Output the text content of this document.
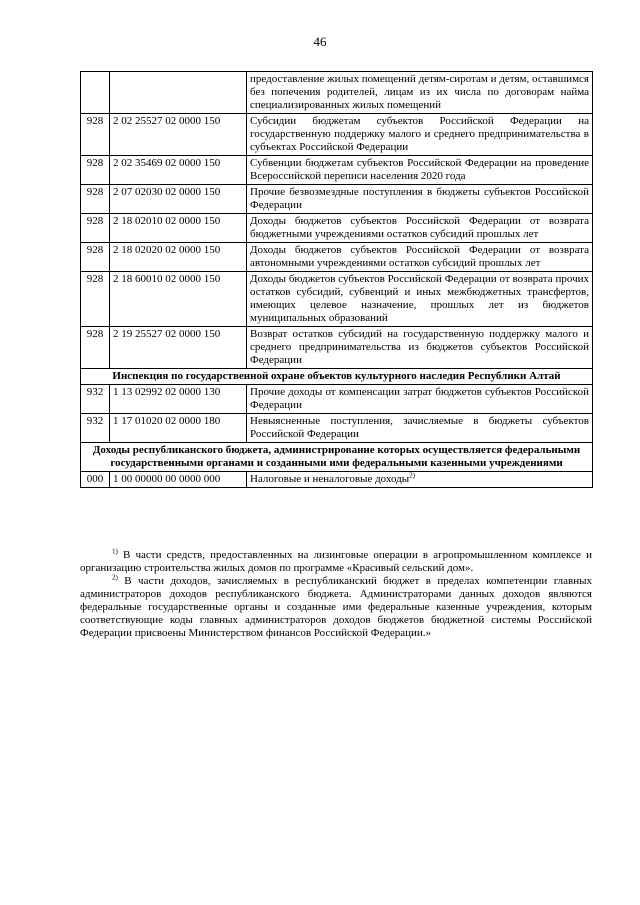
46
		предоставление жилых помещений детям-сиротам и детям, оставшимся без попечения родителей, лицам из их числа по договорам найма специализированных жилых помещений
928	2 02 25527 02 0000 150	Субсидии бюджетам субъектов Российской Федерации на государственную поддержку малого и среднего предпринимательства в субъектах Российской Федерации
928	2 02 35469 02 0000 150	Субвенции бюджетам субъектов Российской Федерации на проведение Всероссийской переписи населения 2020 года
928	2 07 02030 02 0000 150	Прочие безвозмездные поступления в бюджеты субъектов Российской Федерации
928	2 18 02010 02 0000 150	Доходы бюджетов субъектов Российской Федерации от возврата бюджетными учреждениями остатков субсидий прошлых лет
928	2 18 02020 02 0000 150	Доходы бюджетов субъектов Российской Федерации от возврата автономными учреждениями остатков субсидий прошлых лет
928	2 18 60010 02 0000 150	Доходы бюджетов субъектов Российской Федерации от возврата прочих остатков субсидий, субвенций и иных межбюджетных трансфертов, имеющих целевое назначение, прошлых лет из бюджетов муниципальных образований
928	2 19 25527 02 0000 150	Возврат остатков субсидий на государственную поддержку малого и среднего предпринимательства из бюджетов субъектов Российской Федерации
Инспекция по государственной охране объектов культурного наследия Республики Алтай		
932	1 13 02992 02 0000 130	Прочие доходы от компенсации затрат бюджетов субъектов Российской Федерации
932	1 17 01020 02 0000 180	Невыясненные поступления, зачисляемые в бюджеты субъектов Российской Федерации
Доходы республиканского бюджета, администрирование которых осуществляется федеральными государственными органами и созданными ими федеральными казенными учреждениями		
000	1 00 00000 00 0000 000	Налоговые и неналоговые доходы$^{2)}$

$^{1)}$ В части средств, предоставленных на лизинговые операции в агропромышленном комплексе и организацию строительства жилых домов по программе «Красивый сельский дом».

$^{2)}$ В части доходов, зачисляемых в республиканский бюджет в пределах компетенции главных администраторов доходов республиканского бюджета. Администраторами данных доходов являются федеральные государственные органы и созданные ими федеральные казенные учреждения, которым соответствующие коды главных администраторов доходов бюджетов бюджетной системы Российской Федерации присвоены Министерством финансов Российской Федерации.»
